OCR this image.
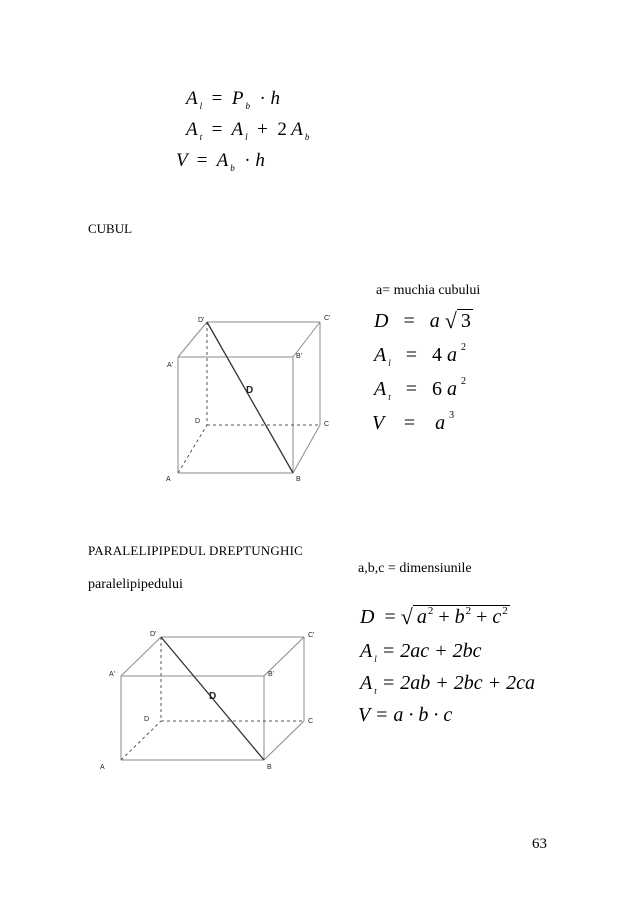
A $_l$ = P $_b$ · h
A $_t$ = A $_l$ + 2 A $_b$
V = A $_b$ · h
CUBUL
a= muchia cubului
D = a √ 3
A $_l$ = 4 a $^2$
A $_t$ = 6 a $^2$
V = a $^3$
A	B
C
D
A'
B'
C'
D'
D
PARALELIPIPEDUL DREPTUNGHIC
paralelipipedului
a,b,c = dimensiunile
D  = √ $a^2 + b^2 + c^2$
A $_l$ = 2ac + 2bc
A $_t$ = 2ab + 2bc + 2ca
V = a · b · c
A	B
C
D
A'	B'
C'
D'
D
63
